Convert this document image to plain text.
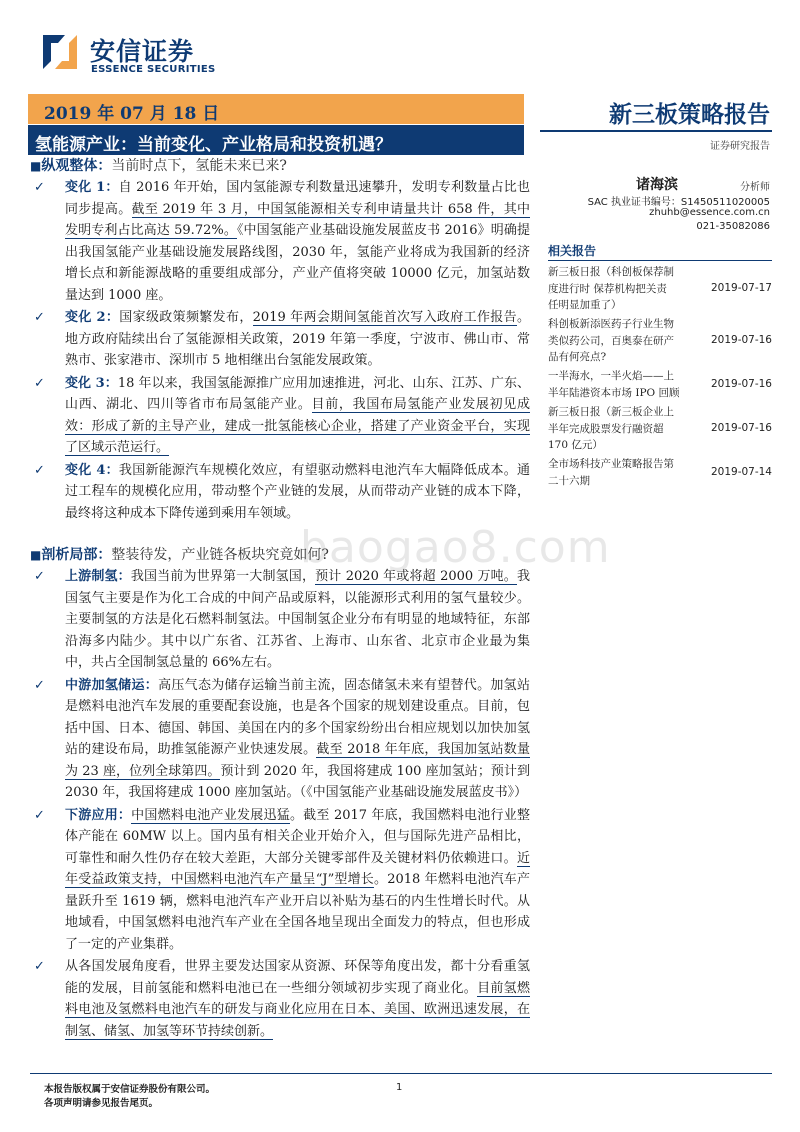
安信证券
ESSENCE SECURITIES
2019 年 07 月 18 日
氢能源产业：当前变化、产业格局和投资机遇？
新三板策略报告
证券研究报告
■纵观整体：当前时点下，氢能未来已来?
✓ 变化 1：自 2016 年开始，国内氢能源专利数量迅速攀升，发明专利数量占比也同步提高。截至 2019 年 3 月，中国氢能源相关专利申请量共计 658 件，其中发明专利占比高达 59.72%。《中国氢能产业基础设施发展蓝皮书 2016》明确提出我国氢能产业基础设施发展路线图，2030 年，氢能产业将成为我国新的经济增长点和新能源战略的重要组成部分，产业产值将突破 10000 亿元，加氢站数量达到 1000 座。
✓ 变化 2：国家级政策频繁发布，2019 年两会期间氢能首次写入政府工作报告。地方政府陆续出台了氢能源相关政策，2019 年第一季度，宁波市、佛山市、常熟市、张家港市、深圳市 5 地相继出台氢能发展政策。
✓ 变化 3：18 年以来，我国氢能源推广应用加速推进，河北、山东、江苏、广东、山西、湖北、四川等省市布局氢能产业。目前，我国布局氢能产业发展初见成效：形成了新的主导产业，建成一批氢能核心企业，搭建了产业资金平台，实现了区域示范运行。
✓ 变化 4：我国新能源汽车规模化效应，有望驱动燃料电池汽车大幅降低成本。通过工程车的规模化应用，带动整个产业链的发展，从而带动产业链的成本下降，最终将这种成本下降传递到乘用车领域。
■剖析局部：整装待发，产业链各板块究竟如何?
✓ 上游制氢：我国当前为世界第一大制氢国，预计 2020 年或将超 2000 万吨。我国氢气主要是作为化工合成的中间产品或原料，以能源形式利用的氢气量较少。主要制氢的方法是化石燃料制氢法。中国制氢企业分布有明显的地域特征，东部沿海多内陆少。其中以广东省、江苏省、上海市、山东省、北京市企业最为集中，共占全国制氢总量的 66%左右。
✓ 中游加氢储运：高压气态为储存运输当前主流，固态储氢未来有望替代。加氢站是燃料电池汽车发展的重要配套设施，也是各个国家的规划建设重点。目前，包括中国、日本、德国、韩国、美国在内的多个国家纷纷出台相应规划以加快加氢站的建设布局，助推氢能源产业快速发展。截至 2018 年年底，我国加氢站数量为 23 座，位列全球第四。预计到 2020 年，我国将建成 100 座加氢站；预计到 2030 年，我国将建成 1000 座加氢站。（《中国氢能产业基础设施发展蓝皮书》）
✓ 下游应用：中国燃料电池产业发展迅猛。截至 2017 年底，我国燃料电池行业整体产能在 60MW 以上。国内虽有相关企业开始介入，但与国际先进产品相比，可靠性和耐久性仍存在较大差距，大部分关键零部件及关键材料仍依赖进口。近年受益政策支持，中国燃料电池汽车产量呈“J”型增长。2018 年燃料电池汽车产量跃升至 1619 辆，燃料电池汽车产业开启以补贴为基石的内生性增长时代。从地域看，中国氢燃料电池汽车产业在全国各地呈现出全面发力的特点，但也形成了一定的产业集群。
✓ 从各国发展角度看，世界主要发达国家从资源、环保等角度出发，都十分看重氢能的发展，目前氢能和燃料电池已在一些细分领域初步实现了商业化。目前氢燃料电池及氢燃料电池汽车的研发与商业化应用在日本、美国、欧洲迅速发展，在制氢、储氢、加氢等环节持续创新。
诸海滨	分析师
SAC 执业证书编号：S1450511020005
zhuhb@essence.com.cn
021-35082086
相关报告
新三板日报（科创板保荐制
度进行时 保荐机构把关责
任明显加重了）
2019-07-17
科创板新添医药子行业生物
类似药公司，百奥泰在研产
品有何亮点?
2019-07-16
一半海水，一半火焰——上
半年陆港资本市场 IPO 回顾
2019-07-16
新三板日报（新三板企业上
半年完成股票发行融资超
170 亿元）
2019-07-16
全市场科技产业策略报告第
二十六期
2019-07-14
baogao8.com
本报告版权属于安信证券股份有限公司。
各项声明请参见报告尾页。
1
